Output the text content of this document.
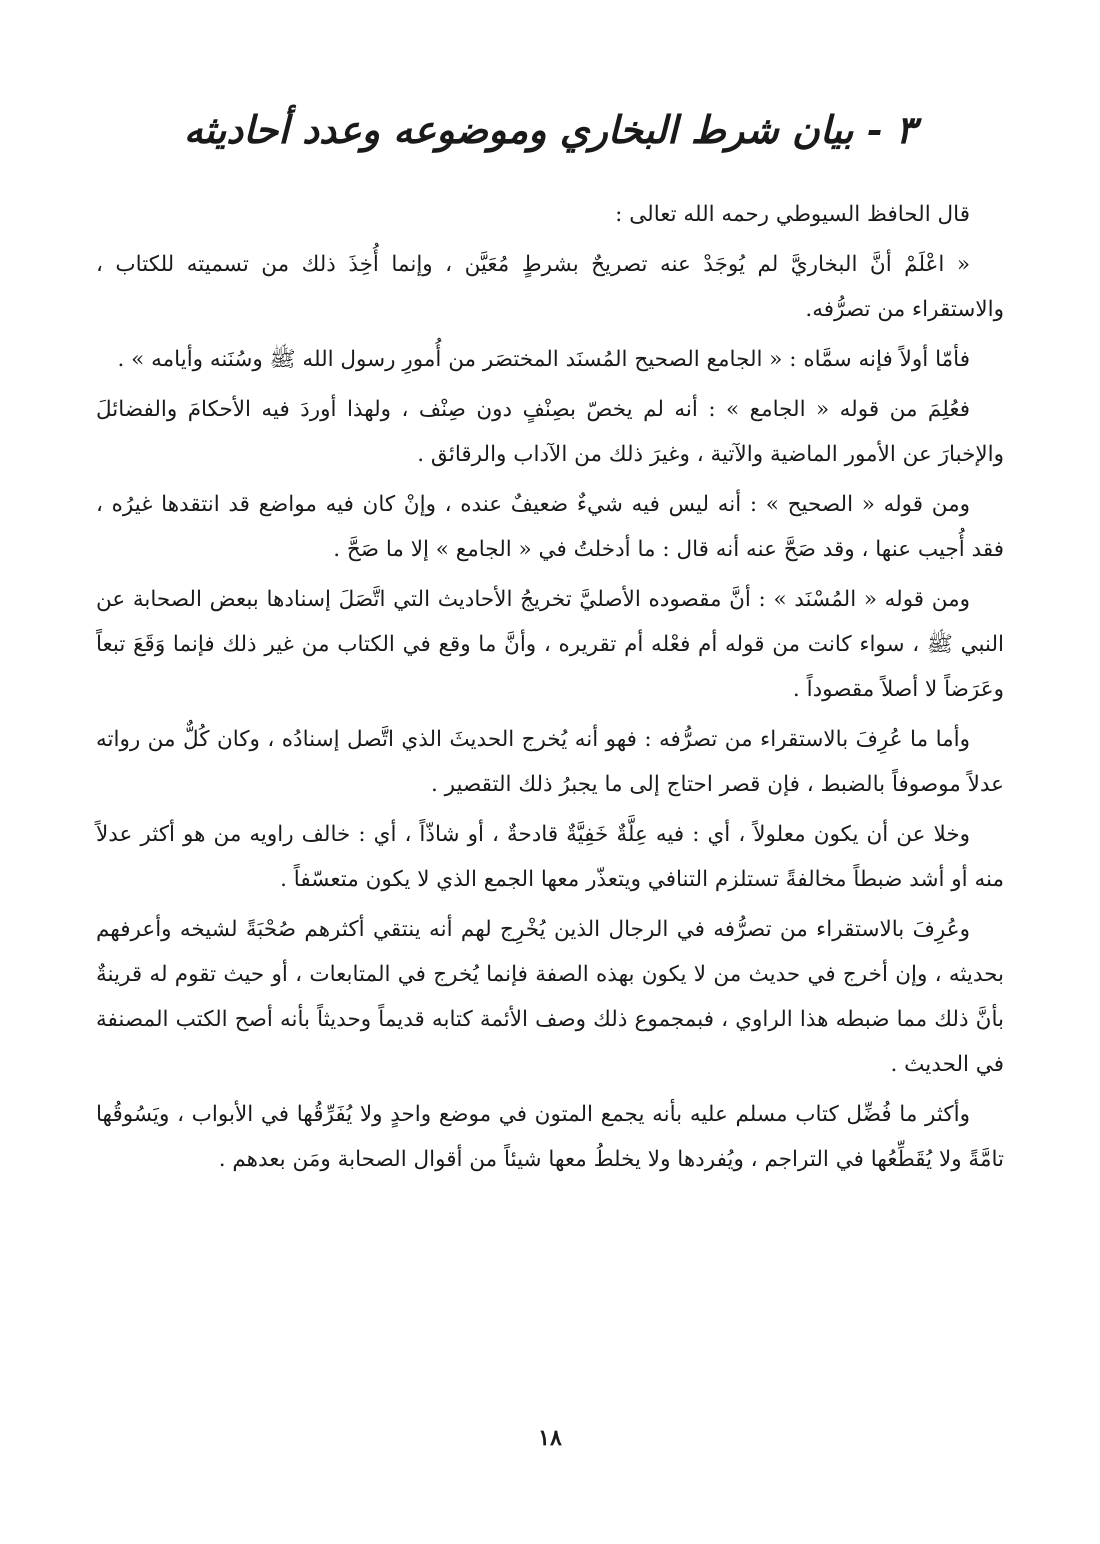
٣ - بيان شرط البخاري وموضوعه وعدد أحاديثه

قال الحافظ السيوطي رحمه الله تعالى :

« اعْلَمْ أنَّ البخاريَّ لم يُوجَدْ عنه تصريحٌ بشرطٍ مُعَيَّن ، وإنما أُخِذَ ذلك من تسميته للكتاب ، والاستقراء من تصرُّفه.

فأمّا أولاً فإنه سمَّاه : « الجامع الصحيح المُسنَد المختصَر من أُمورِ رسول الله ﷺ وسُنَنه وأيامه » .

فعُلِمَ من قوله « الجامع » : أنه لم يخصّ بصِنْفٍ دون صِنْف ، ولهذا أوردَ فيه الأحكامَ والفضائلَ والإخبارَ عن الأمور الماضية والآتية ، وغيرَ ذلك من الآداب والرقائق .

ومن قوله « الصحيح » : أنه ليس فيه شيءٌ ضعيفٌ عنده ، وإنْ كان فيه مواضع قد انتقدها غيرُه ، فقد أُجيب عنها ، وقد صَحَّ عنه أنه قال : ما أدخلتُ في « الجامع » إلا ما صَحَّ .

ومن قوله « المُسْنَد » : أنَّ مقصوده الأصليَّ تخريجُ الأحاديث التي اتَّصَلَ إسنادها ببعض الصحابة عن النبي ﷺ ، سواء كانت من قوله أم فعْله أم تقريره ، وأنَّ ما وقع في الكتاب من غير ذلك فإنما وَقَعَ تبعاً وعَرَضاً لا أصلاً مقصوداً .

وأما ما عُرِفَ بالاستقراء من تصرُّفه : فهو أنه يُخرج الحديثَ الذي اتَّصل إسنادُه ، وكان كُلٌّ من رواته عدلاً موصوفاً بالضبط ، فإن قصر احتاج إلى ما يجبرُ ذلك التقصير .

وخلا عن أن يكون معلولاً ، أي : فيه عِلَّةٌ خَفِيَّةٌ قادحةٌ ، أو شاذّاً ، أي : خالف راويه من هو أكثر عدلاً منه أو أشد ضبطاً مخالفةً تستلزم التنافي ويتعذّر معها الجمع الذي لا يكون متعسّفاً .

وعُرِفَ بالاستقراء من تصرُّفه في الرجال الذين يُخْرِج لهم أنه ينتقي أكثرهم صُحْبَةً لشيخه وأعرفهم بحديثه ، وإن أخرج في حديث من لا يكون بهذه الصفة فإنما يُخرج في المتابعات ، أو حيث تقوم له قرينةٌ بأنَّ ذلك مما ضبطه هذا الراوي ، فبمجموع ذلك وصف الأئمة كتابه قديماً وحديثاً بأنه أصح الكتب المصنفة في الحديث .

وأكثر ما فُضِّل كتاب مسلم عليه بأنه يجمع المتون في موضع واحدٍ ولا يُفَرِّقُها في الأبواب ، ويَسُوقُها تامَّةً ولا يُقَطِّعُها في التراجم ، ويُفردها ولا يخلطُ معها شيئاً من أقوال الصحابة ومَن بعدهم .

١٨
